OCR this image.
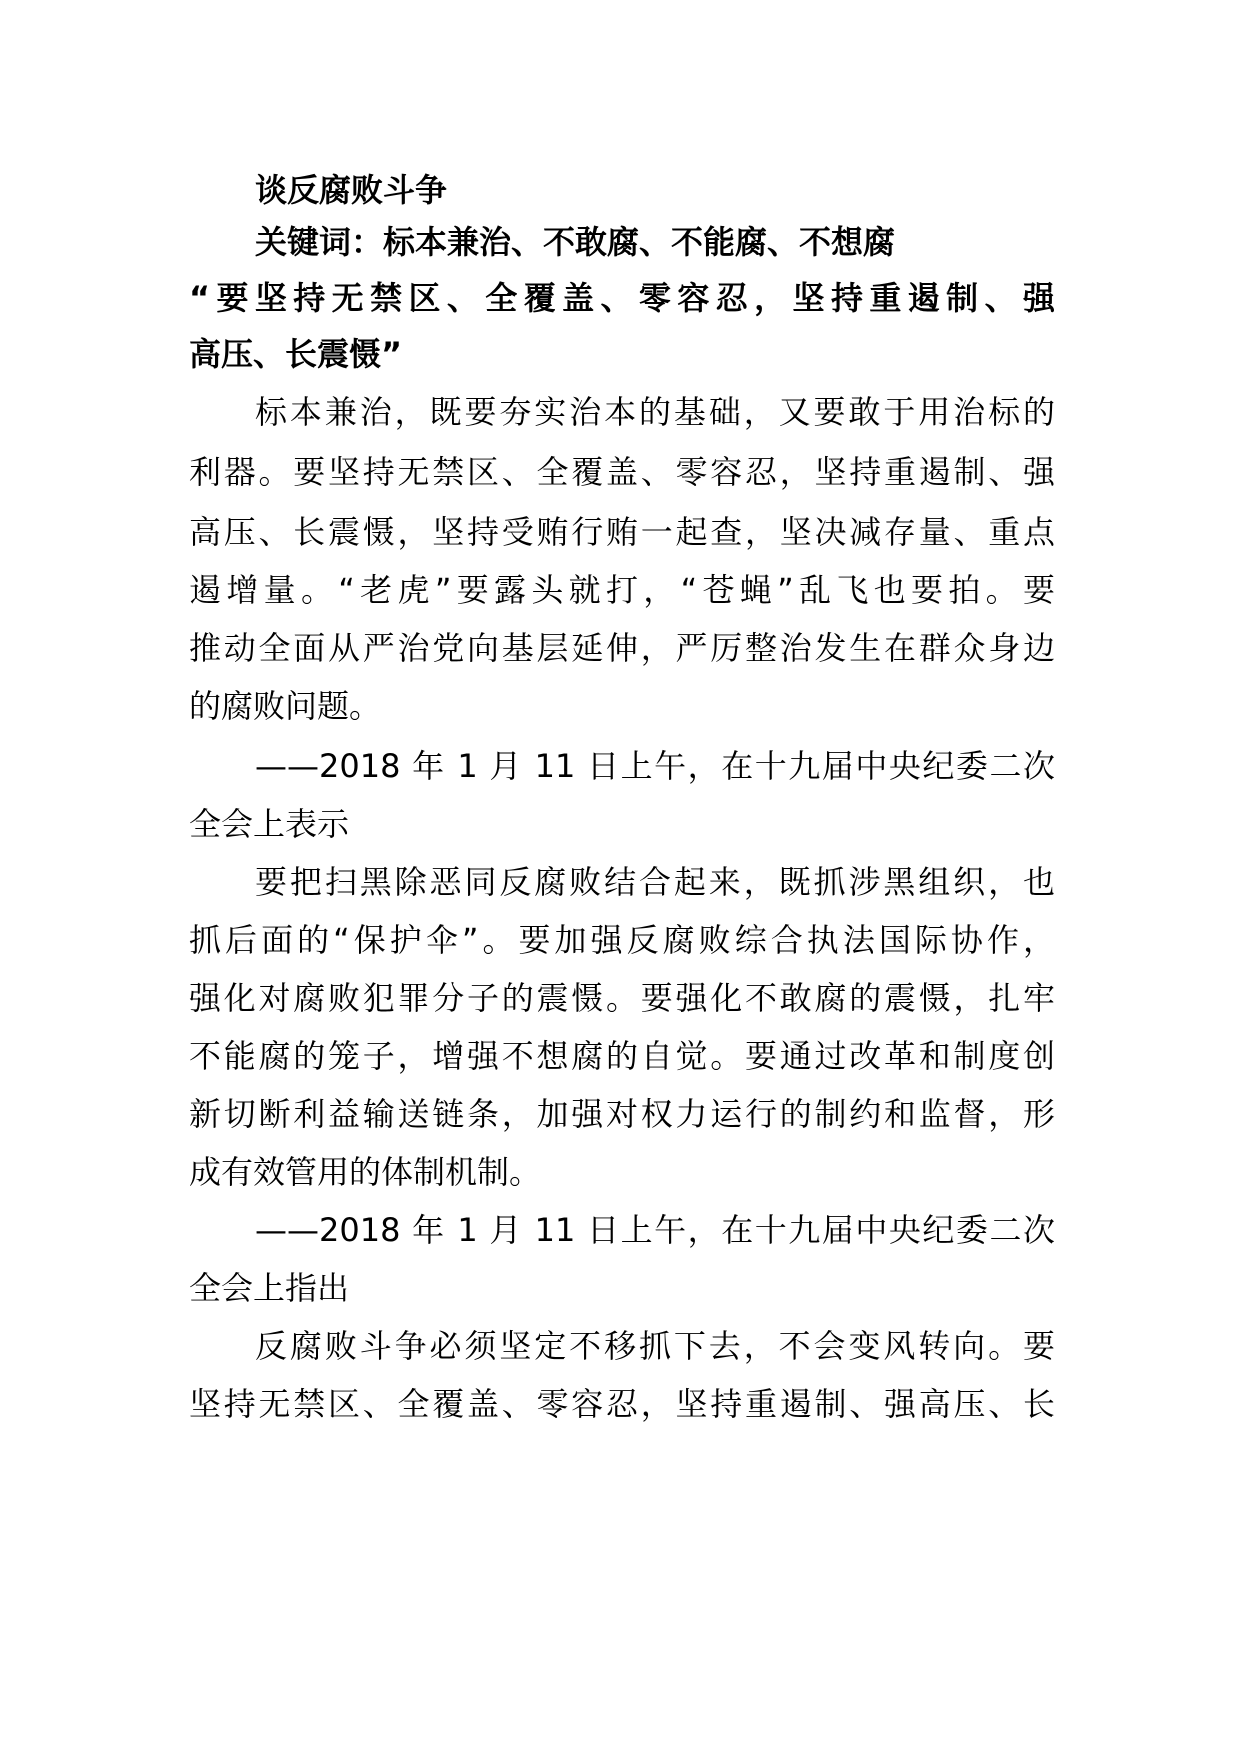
谈反腐败斗争
关键词：标本兼治、不敢腐、不能腐、不想腐
“要坚持无禁区、全覆盖、零容忍，坚持重遏制、强
高压、长震慑”
标本兼治，既要夯实治本的基础，又要敢于用治标的
利器。要坚持无禁区、全覆盖、零容忍，坚持重遏制、强
高压、长震慑，坚持受贿行贿一起查，坚决减存量、重点
遏增量。“老虎”要露头就打，“苍蝇”乱飞也要拍。要
推动全面从严治党向基层延伸，严厉整治发生在群众身边
的腐败问题。
——2018 年 1 月 11 日上午，在十九届中央纪委二次
全会上表示
要把扫黑除恶同反腐败结合起来，既抓涉黑组织，也
抓后面的“保护伞”。要加强反腐败综合执法国际协作，
强化对腐败犯罪分子的震慑。要强化不敢腐的震慑，扎牢
不能腐的笼子，增强不想腐的自觉。要通过改革和制度创
新切断利益输送链条，加强对权力运行的制约和监督，形
成有效管用的体制机制。
——2018 年 1 月 11 日上午，在十九届中央纪委二次
全会上指出
反腐败斗争必须坚定不移抓下去，不会变风转向。要
坚持无禁区、全覆盖、零容忍，坚持重遏制、强高压、长
